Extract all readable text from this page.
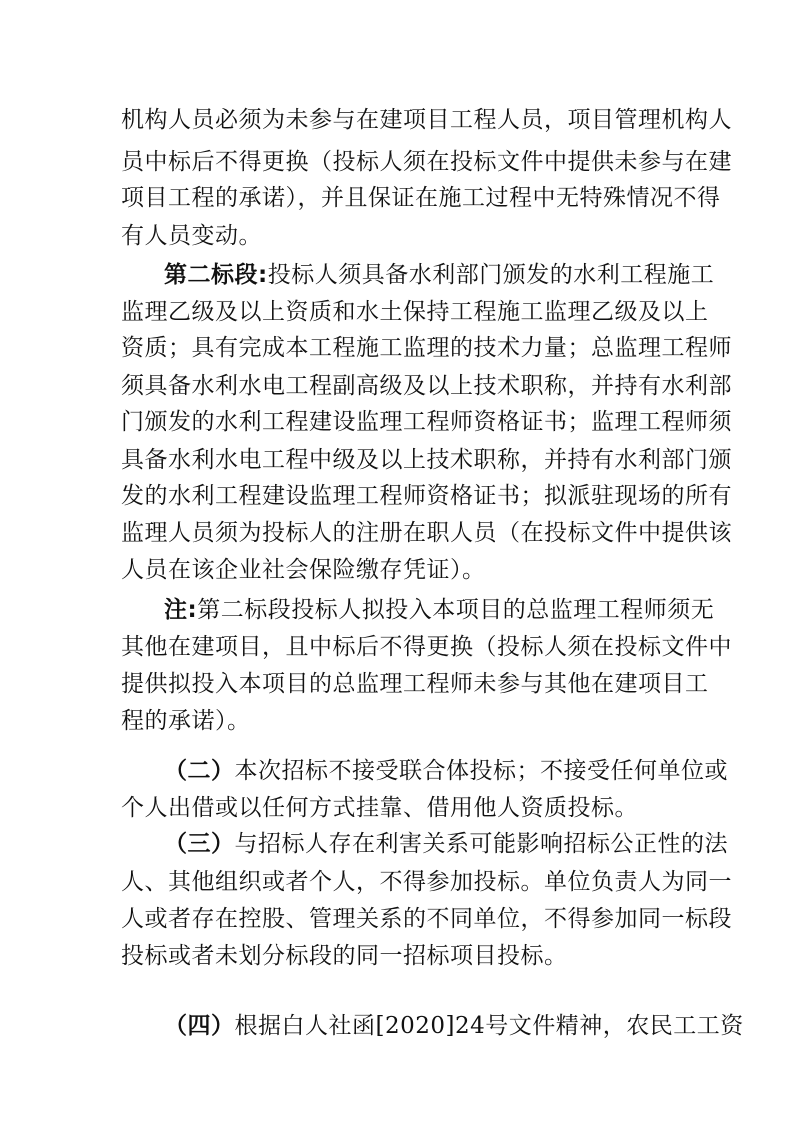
机构人员必须为未参与在建项目工程人员，项目管理机构人
员中标后不得更换（投标人须在投标文件中提供未参与在建
项目工程的承诺），并且保证在施工过程中无特殊情况不得
有人员变动。
第二标段:投标人须具备水利部门颁发的水利工程施工
监理乙级及以上资质和水土保持工程施工监理乙级及以上
资质；具有完成本工程施工监理的技术力量；总监理工程师
须具备水利水电工程副高级及以上技术职称，并持有水利部
门颁发的水利工程建设监理工程师资格证书；监理工程师须
具备水利水电工程中级及以上技术职称，并持有水利部门颁
发的水利工程建设监理工程师资格证书；拟派驻现场的所有
监理人员须为投标人的注册在职人员（在投标文件中提供该
人员在该企业社会保险缴存凭证）。
注:第二标段投标人拟投入本项目的总监理工程师须无
其他在建项目，且中标后不得更换（投标人须在投标文件中
提供拟投入本项目的总监理工程师未参与其他在建项目工
程的承诺）。
（二）本次招标不接受联合体投标；不接受任何单位或
个人出借或以任何方式挂靠、借用他人资质投标。
（三）与招标人存在利害关系可能影响招标公正性的法
人、其他组织或者个人，不得参加投标。单位负责人为同一
人或者存在控股、管理关系的不同单位，不得参加同一标段
投标或者未划分标段的同一招标项目投标。
（四）根据白人社函[2020]24号文件精神，农民工工资
